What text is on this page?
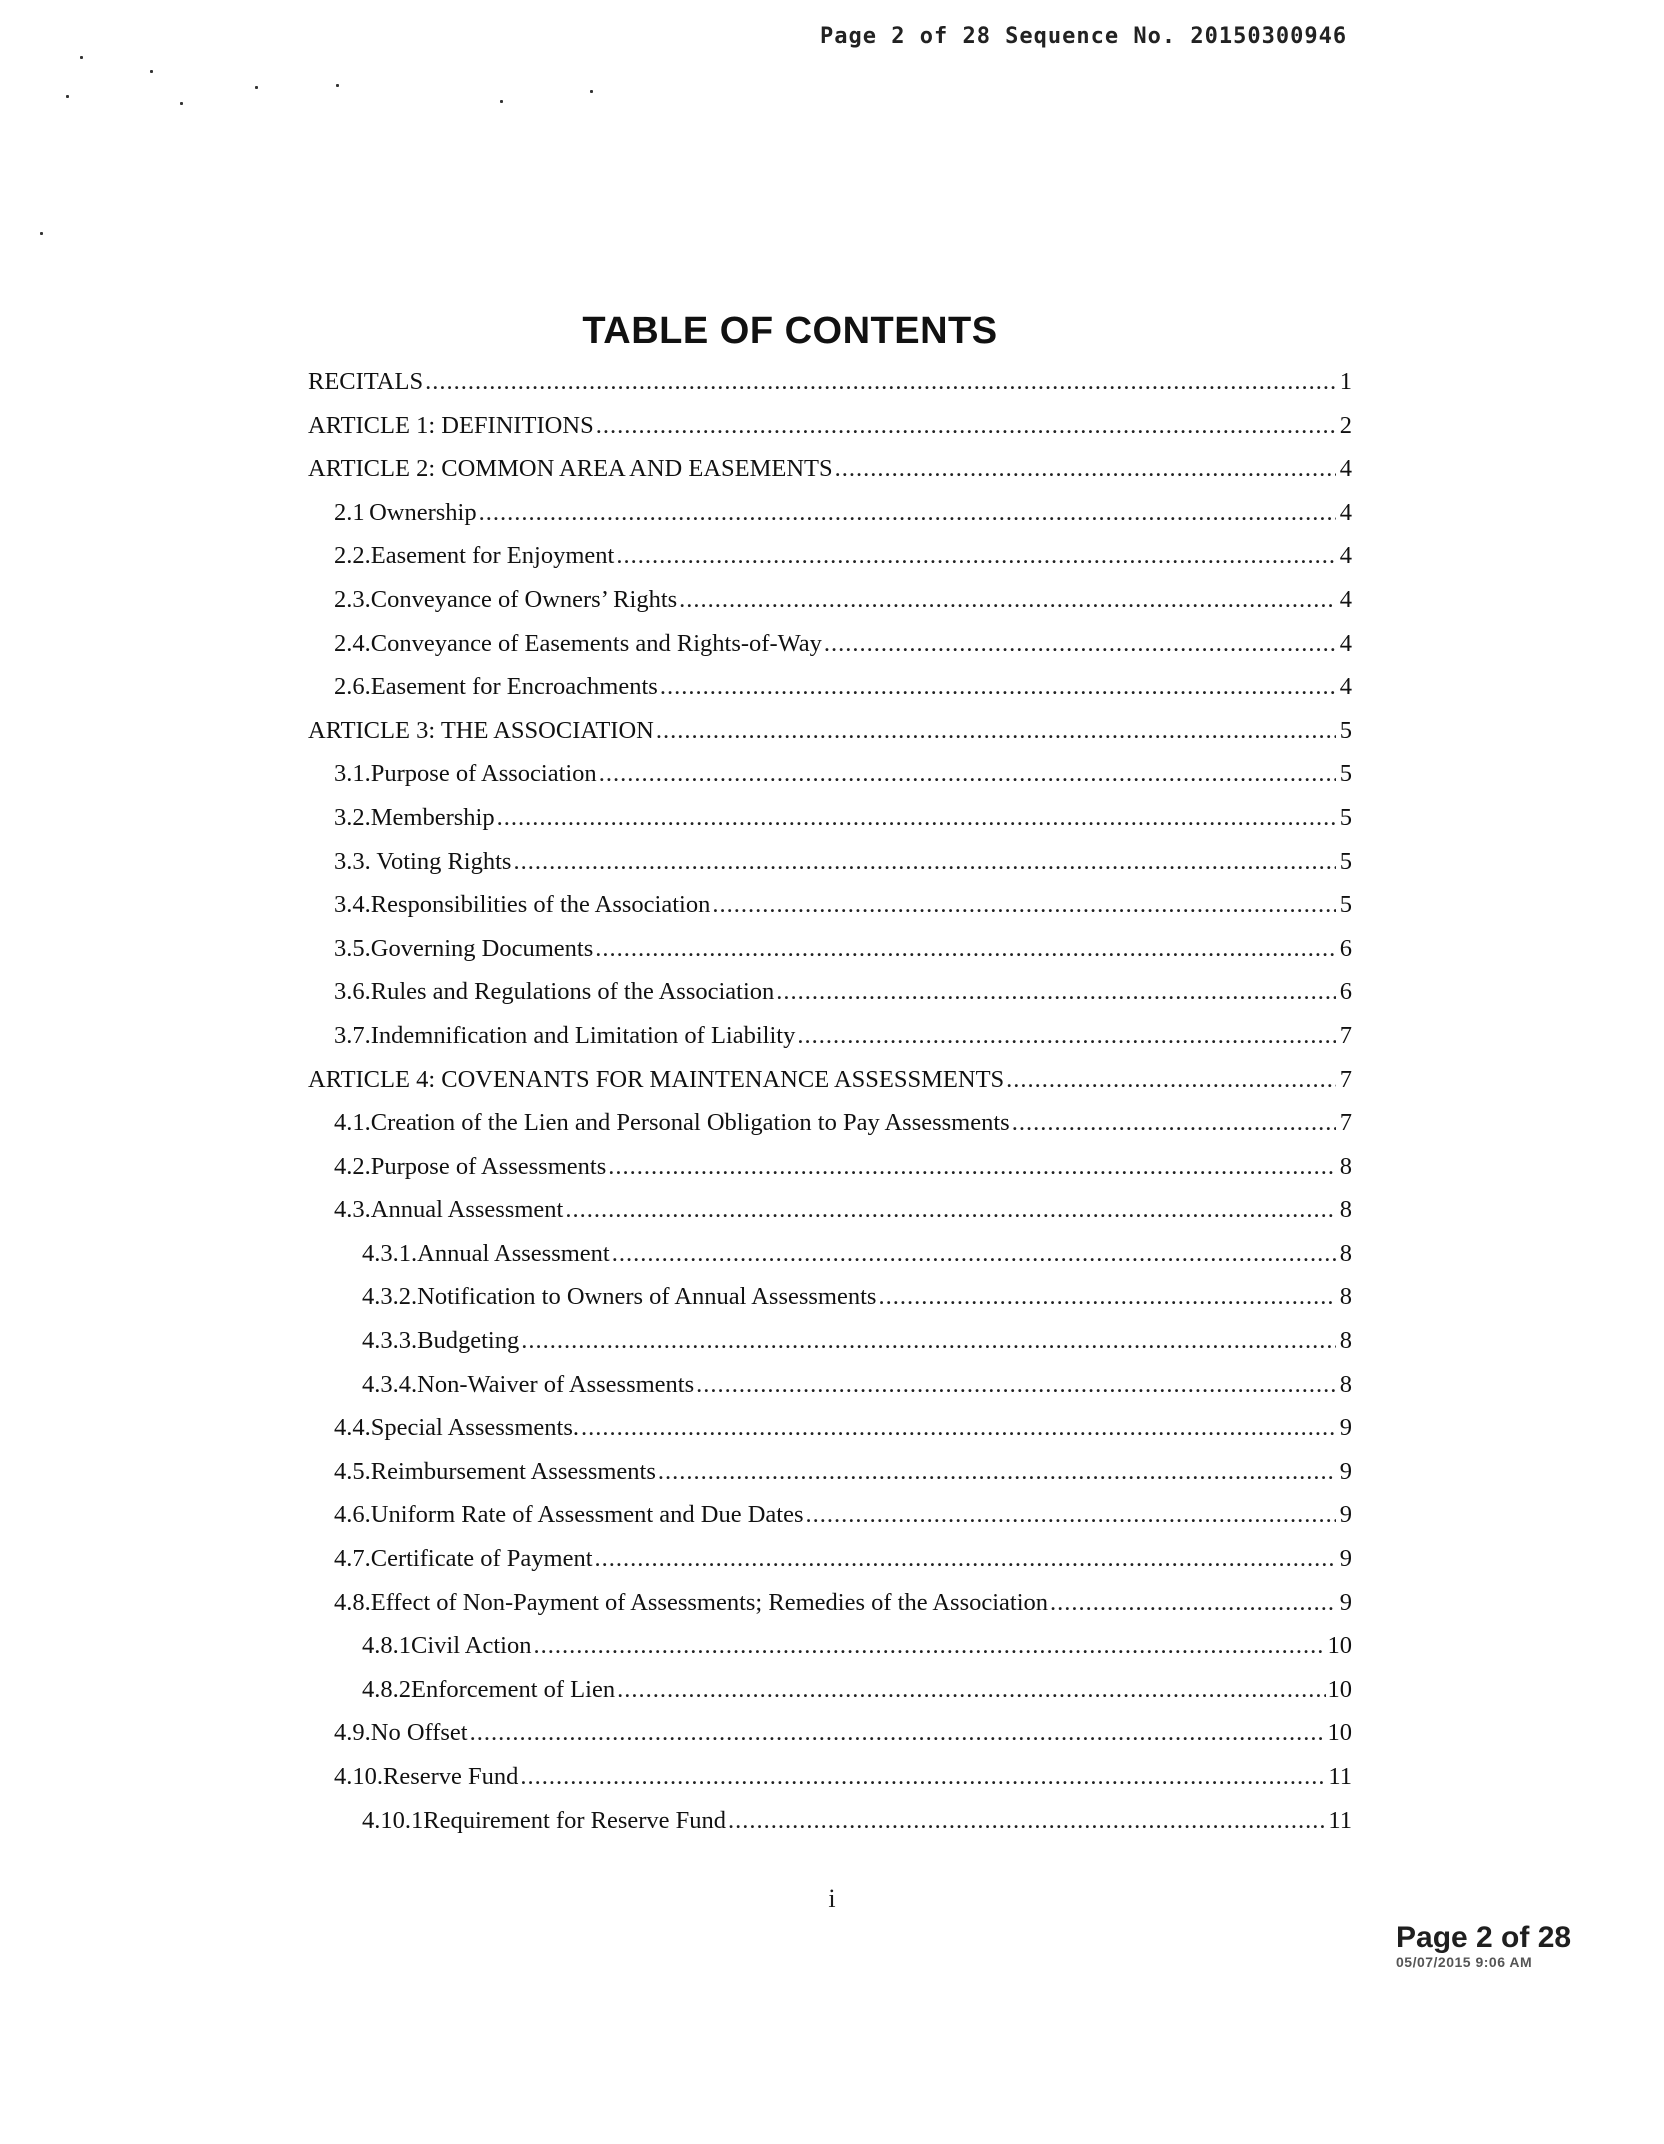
Page 2 of 28 Sequence No. 20150300946
TABLE OF CONTENTS
RECITALS .....	1
ARTICLE 1: DEFINITIONS .....	2
ARTICLE 2: COMMON AREA AND EASEMENTS .....	4
2.1 Ownership .....	4
2.2. Easement for Enjoyment .....	4
2.3. Conveyance of Owners’ Rights .....	4
2.4. Conveyance of Easements and Rights-of-Way .....	4
2.6. Easement for Encroachments .....	4
ARTICLE 3: THE ASSOCIATION .....	5
3.1. Purpose of Association .....	5
3.2. Membership .....	5
3.3. Voting Rights .....	5
3.4. Responsibilities of the Association .....	5
3.5. Governing Documents .....	6
3.6. Rules and Regulations of the Association .....	6
3.7. Indemnification and Limitation of Liability .....	7
ARTICLE 4: COVENANTS FOR MAINTENANCE ASSESSMENTS .....	7
4.1. Creation of the Lien and Personal Obligation to Pay Assessments .....	7
4.2. Purpose of Assessments .....	8
4.3. Annual Assessment .....	8
4.3.1. Annual Assessment .....	8
4.3.2. Notification to Owners of Annual Assessments .....	8
4.3.3. Budgeting .....	8
4.3.4. Non-Waiver of Assessments .....	8
4.4. Special Assessments. .....	9
4.5. Reimbursement Assessments .....	9
4.6. Uniform Rate of Assessment and Due Dates .....	9
4.7. Certificate of Payment .....	9
4.8. Effect of Non-Payment of Assessments; Remedies of the Association .....	9
4.8.1 Civil Action .....	10
4.8.2 Enforcement of Lien .....	10
4.9. No Offset .....	10
4.10. Reserve Fund .....	11
4.10.1 Requirement for Reserve Fund .....	11
i
Page 2 of 28
05/07/2015 9:06 AM
